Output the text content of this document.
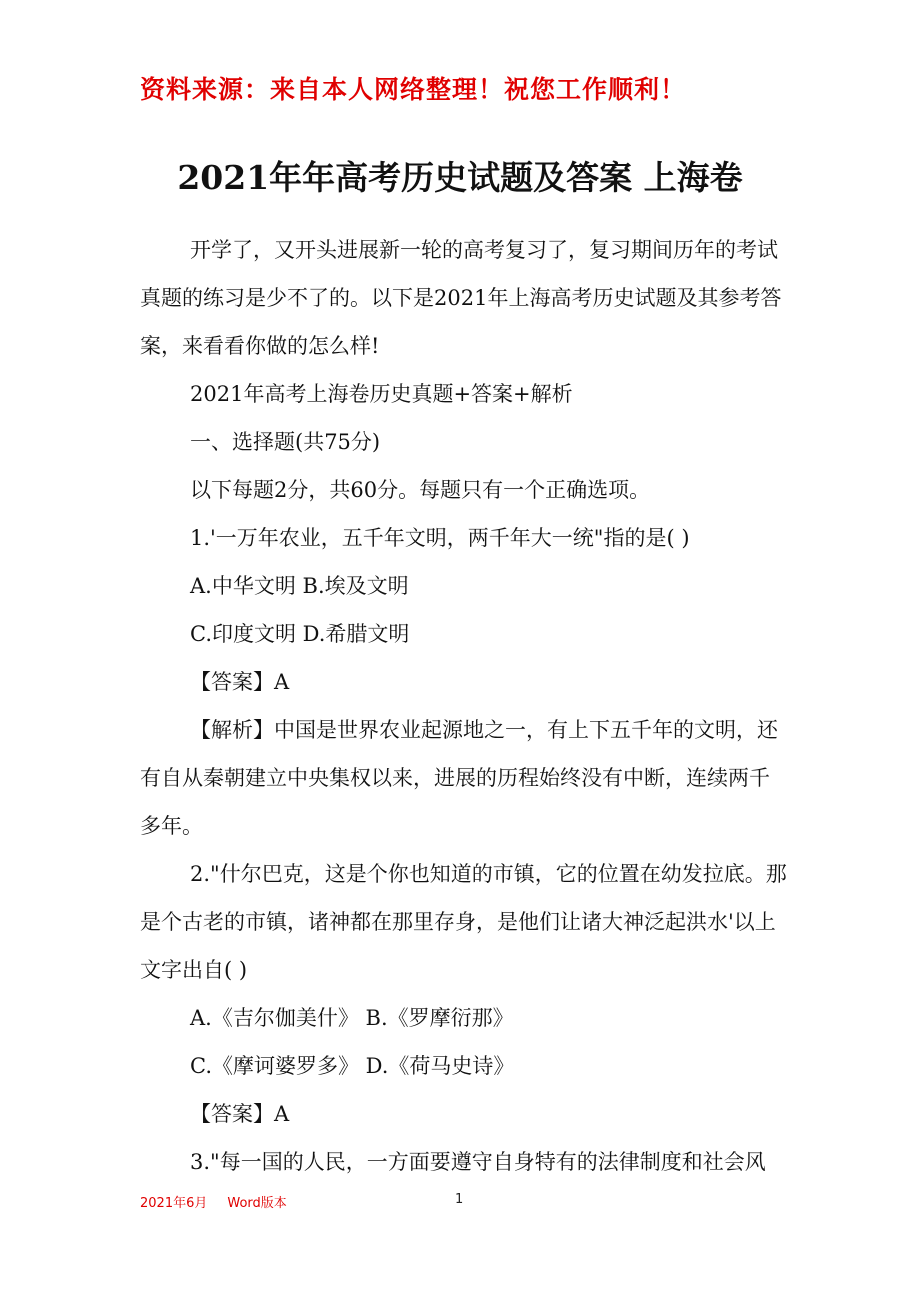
资料来源：来自本人网络整理！祝您工作顺利！
2021年年高考历史试题及答案 上海卷

开学了，又开头进展新一轮的高考复习了，复习期间历年的考试真题的练习是少不了的。以下是2021年上海高考历史试题及其参考答案，来看看你做的怎么样!

2021年高考上海卷历史真题+答案+解析

一、选择题(共75分)

以下每题2分，共60分。每题只有一个正确选项。

1.'一万年农业，五千年文明，两千年大一统"指的是( )

A.中华文明 B.埃及文明

C.印度文明 D.希腊文明

【答案】A

【解析】中国是世界农业起源地之一，有上下五千年的文明，还有自从秦朝建立中央集权以来，进展的历程始终没有中断，连续两千多年。

2."什尔巴克，这是个你也知道的市镇，它的位置在幼发拉底。那是个古老的市镇，诸神都在那里存身，是他们让诸大神泛起洪水'以上文字出自( )

A.《吉尔伽美什》 B.《罗摩衍那》

C.《摩诃婆罗多》 D.《荷马史诗》

【答案】A

3."每一国的人民，一方面要遵守自身特有的法律制度和社会风

2021年6月 Word版本	1
